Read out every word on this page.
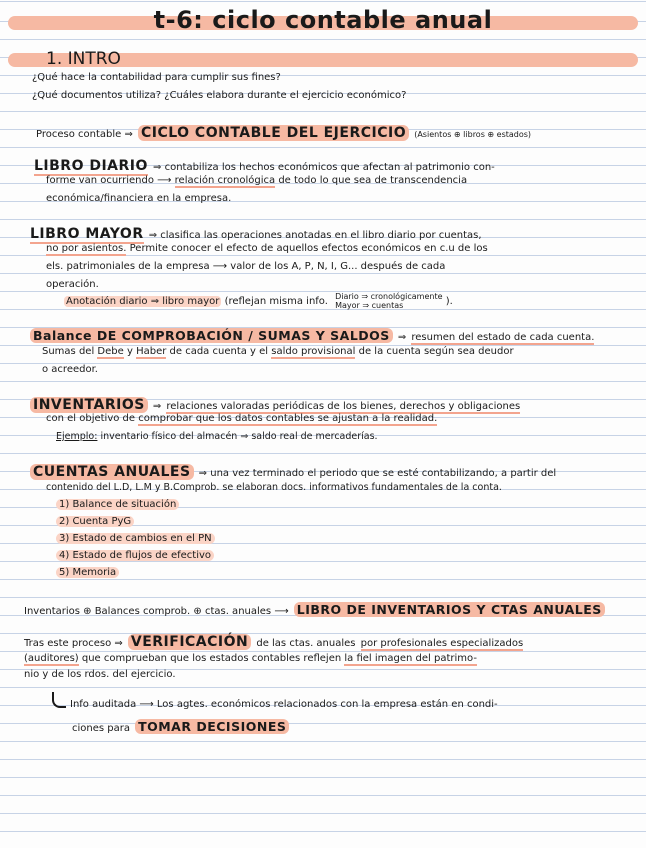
t-6: ciclo contable anual
1. INTRO
¿Qué hace la contabilidad para cumplir sus fines?
¿Qué documentos utiliza? ¿Cuáles elabora durante el ejercicio económico?
Proceso contable ⇒ CICLO CONTABLE DEL EJERCICIO (Asientos ⊕ libros ⊕ estados)
LIBRO DIARIO ⇒ contabiliza los hechos económicos que afectan al patrimonio con-
forme van ocurriendo ⟶ relación cronológica de todo lo que sea de transcendencia
económica/financiera en la empresa.
LIBRO MAYOR ⇒ clasifica las operaciones anotadas en el libro diario por cuentas,
no por asientos. Permite conocer el efecto de aquellos efectos económicos en c.u de los
els. patrimoniales de la empresa ⟶ valor de los A, P, N, I, G... después de cada
operación.
Anotación diario ⇒ libro mayor (reflejan misma info. Diario ⇒ cronológicamente
Mayor ⇒ cuentas	).
Balance DE COMPROBACIÓN / SUMAS Y SALDOS ⇒ resumen del estado de cada cuenta.
Sumas del Debe y Haber de cada cuenta y el saldo provisional de la cuenta según sea deudor
o acreedor.
INVENTARIOS ⇒ relaciones valoradas periódicas de los bienes, derechos y obligaciones
con el objetivo de comprobar que los datos contables se ajustan a la realidad.
Ejemplo: inventario físico del almacén ⇒ saldo real de mercaderías.
CUENTAS ANUALES ⇒ una vez terminado el periodo que se esté contabilizando, a partir del
contenido del L.D, L.M y B.Comprob. se elaboran docs. informativos fundamentales de la conta.
1) Balance de situación
2) Cuenta PyG
3) Estado de cambios en el PN
4) Estado de flujos de efectivo
5) Memoria
Inventarios ⊕ Balances comprob. ⊕ ctas. anuales ⟶ LIBRO DE INVENTARIOS Y CTAS ANUALES
Tras este proceso ⇒ VERIFICACIÓN de las ctas. anuales por profesionales especializados
(auditores) que comprueban que los estados contables reflejen la fiel imagen del patrimo-
nio y de los rdos. del ejercicio.
Info auditada ⟶ Los agtes. económicos relacionados con la empresa están en condi-
ciones para TOMAR DECISIONES
